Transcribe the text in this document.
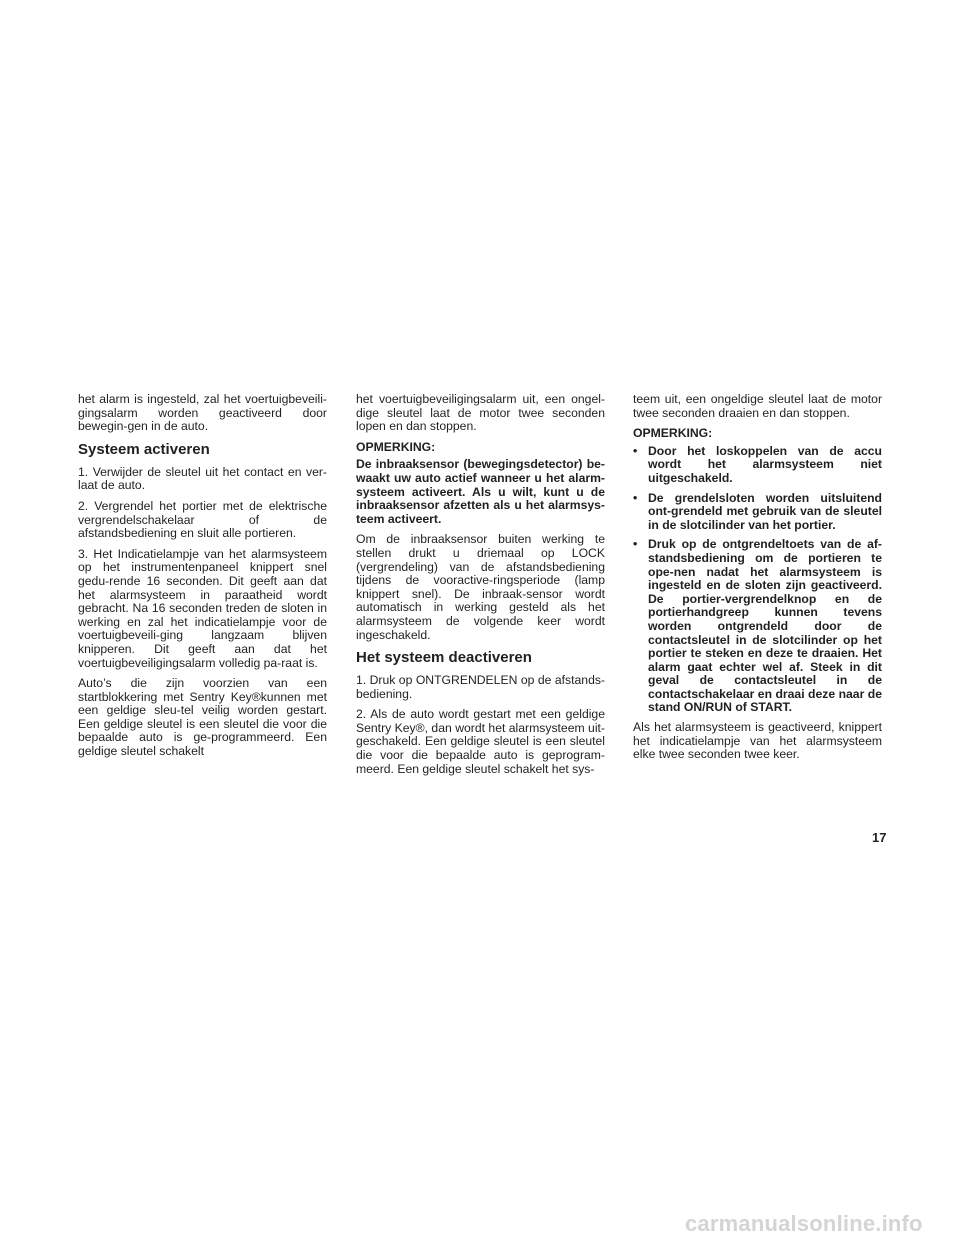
het alarm is ingesteld, zal het voertuigbeveili-gingsalarm worden geactiveerd door bewegin-gen in de auto.

Systeem activeren

1. Verwijder de sleutel uit het contact en ver-laat de auto.

2. Vergrendel het portier met de elektrische vergrendelschakelaar of de afstandsbediening en sluit alle portieren.

3. Het Indicatielampje van het alarmsysteem op het instrumentenpaneel knippert snel gedu-rende 16 seconden. Dit geeft aan dat het alarmsysteem in paraatheid wordt gebracht. Na 16 seconden treden de sloten in werking en zal het indicatielampje voor de voertuigbeveili-ging langzaam blijven knipperen. Dit geeft aan dat het voertuigbeveiligingsalarm volledig pa-raat is.

Auto’s die zijn voorzien van een startblokkering met Sentry Key®kunnen met een geldige sleu-tel veilig worden gestart. Een geldige sleutel is een sleutel die voor die bepaalde auto is ge-programmeerd. Een geldige sleutel schakelt

het voertuigbeveiligingsalarm uit, een ongel-dige sleutel laat de motor twee seconden lopen en dan stoppen.

OPMERKING:

De inbraaksensor (bewegingsdetector) be-waakt uw auto actief wanneer u het alarm-systeem activeert. Als u wilt, kunt u de inbraaksensor afzetten als u het alarmsys-teem activeert.

Om de inbraaksensor buiten werking te stellen drukt u driemaal op LOCK (vergrendeling) van de afstandsbediening tijdens de vooractive-ringsperiode (lamp knippert snel). De inbraak-sensor wordt automatisch in werking gesteld als het alarmsysteem de volgende keer wordt ingeschakeld.

Het systeem deactiveren

1. Druk op ONTGRENDELEN op de afstands-bediening.

2. Als de auto wordt gestart met een geldige Sentry Key®, dan wordt het alarmsysteem uit-geschakeld. Een geldige sleutel is een sleutel die voor die bepaalde auto is geprogram-meerd. Een geldige sleutel schakelt het sys-

teem uit, een ongeldige sleutel laat de motor twee seconden draaien en dan stoppen.

OPMERKING:
• Door het loskoppelen van de accu wordt het alarmsysteem niet uitgeschakeld.
• De grendelsloten worden uitsluitend ont-grendeld met gebruik van de sleutel in de slotcilinder van het portier.
• Druk op de ontgrendeltoets van de af-standsbediening om de portieren te ope-nen nadat het alarmsysteem is ingesteld en de sloten zijn geactiveerd. De portier-vergrendelknop en de portierhandgreep kunnen tevens worden ontgrendeld door de contactsleutel in de slotcilinder op het portier te steken en deze te draaien. Het alarm gaat echter wel af. Steek in dit geval de contactsleutel in de contactschakelaar en draai deze naar de stand ON/RUN of START.

Als het alarmsysteem is geactiveerd, knippert het indicatielampje van het alarmsysteem elke twee seconden twee keer.

17
carmanualsonline.info
